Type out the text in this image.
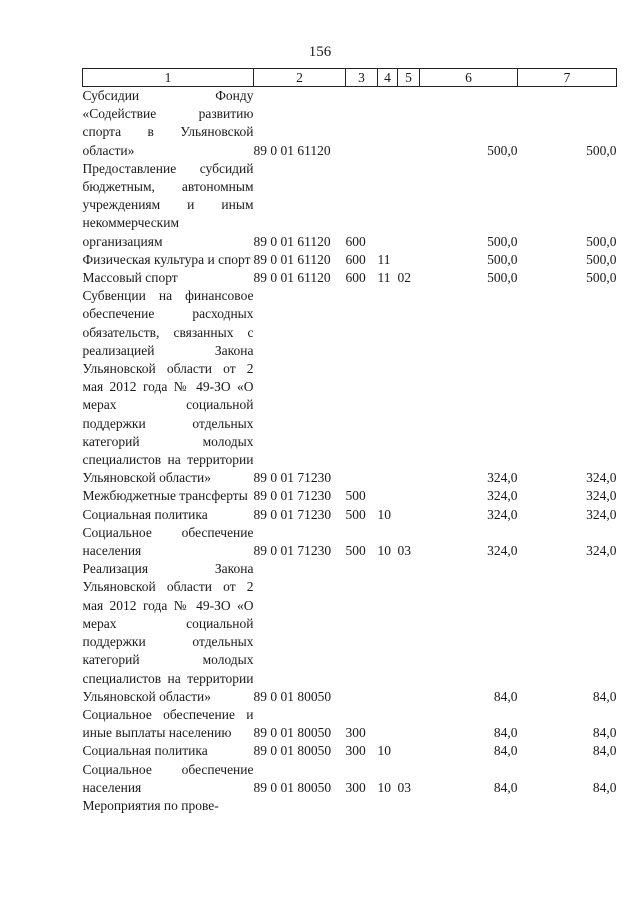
156
1	2	3	4	5	6	7
Субсидии Фонду «Содействие развитию спорта в Ульяновской области»	89 0 01 61120				500,0	500,0
Предоставление субсидий бюджетным, автономным учреждениям и иным некоммерческим организациям	89 0 01 61120	600			500,0	500,0
Физическая культура и спорт	89 0 01 61120	600	11		500,0	500,0
Массовый спорт	89 0 01 61120	600	11	02	500,0	500,0
Субвенции на финансовое обеспечение расходных обязательств, связанных с реализацией Закона Ульяновской области от 2 мая 2012 года № 49-ЗО «О мерах социальной поддержки отдельных категорий молодых специалистов на территории Ульяновской области»	89 0 01 71230				324,0	324,0
Межбюджетные трансферты	89 0 01 71230	500			324,0	324,0
Социальная политика	89 0 01 71230	500	10		324,0	324,0
Социальное обеспечение населения	89 0 01 71230	500	10	03	324,0	324,0
Реализация Закона Ульяновской области от 2 мая 2012 года № 49-ЗО «О мерах социальной поддержки отдельных категорий молодых специалистов на территории Ульяновской области»	89 0 01 80050				84,0	84,0
Социальное обеспечение и иные выплаты населению	89 0 01 80050	300			84,0	84,0
Социальная политика	89 0 01 80050	300	10		84,0	84,0
Социальное обеспечение населения	89 0 01 80050	300	10	03	84,0	84,0
Мероприятия по прове-						
